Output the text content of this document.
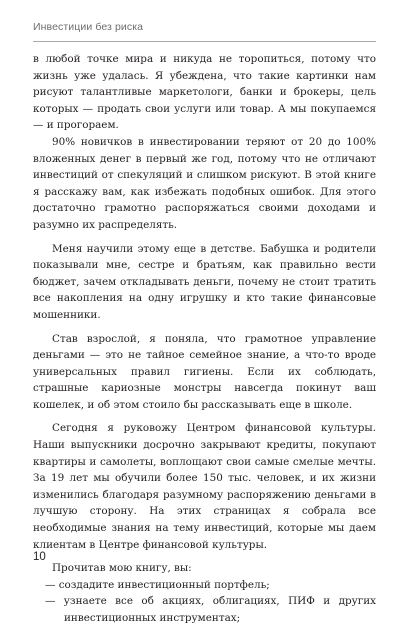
Инвестиции без риска

в любой точке мира и никуда не торопиться, потому что жизнь уже удалась. Я убеждена, что такие картинки нам рисуют талантливые маркетологи, банки и брокеры, цель которых — продать свои услуги или товар. А мы покупаемся — и прогораем.

90% новичков в инвестировании теряют от 20 до 100% вложенных денег в первый же год, потому что не отличают инвестиций от спекуляций и слишком рискуют. В этой книге я расскажу вам, как избежать подобных ошибок. Для этого достаточно грамотно распоряжаться своими доходами и разумно их распределять.

Меня научили этому еще в детстве. Бабушка и родители показывали мне, сестре и братьям, как правильно вести бюджет, зачем откладывать деньги, почему не стоит тратить все накопления на одну игрушку и кто такие финансовые мошенники.

Став взрослой, я поняла, что грамотное управление деньгами — это не тайное семейное знание, а что-то вроде универсальных правил гигиены. Если их соблюдать, страшные кариозные монстры навсегда покинут ваш кошелек, и об этом стоило бы рассказывать еще в школе.

Сегодня я руковожу Центром финансовой культуры. Наши выпускники досрочно закрывают кредиты, покупают квартиры и самолеты, воплощают свои самые смелые мечты. За 19 лет мы обучили более 150 тыс. человек, и их жизни изменились благодаря разумному распоряжению деньгами в лучшую сторону. На этих страницах я собрала все необходимые знания на тему инвестиций, которые мы даем клиентам в Центре финансовой культуры.

Прочитав мою книгу, вы:

— создадите инвестиционный портфель;

— узнаете все об акциях, облигациях, ПИФ и других инвестиционных инструментах;

10
